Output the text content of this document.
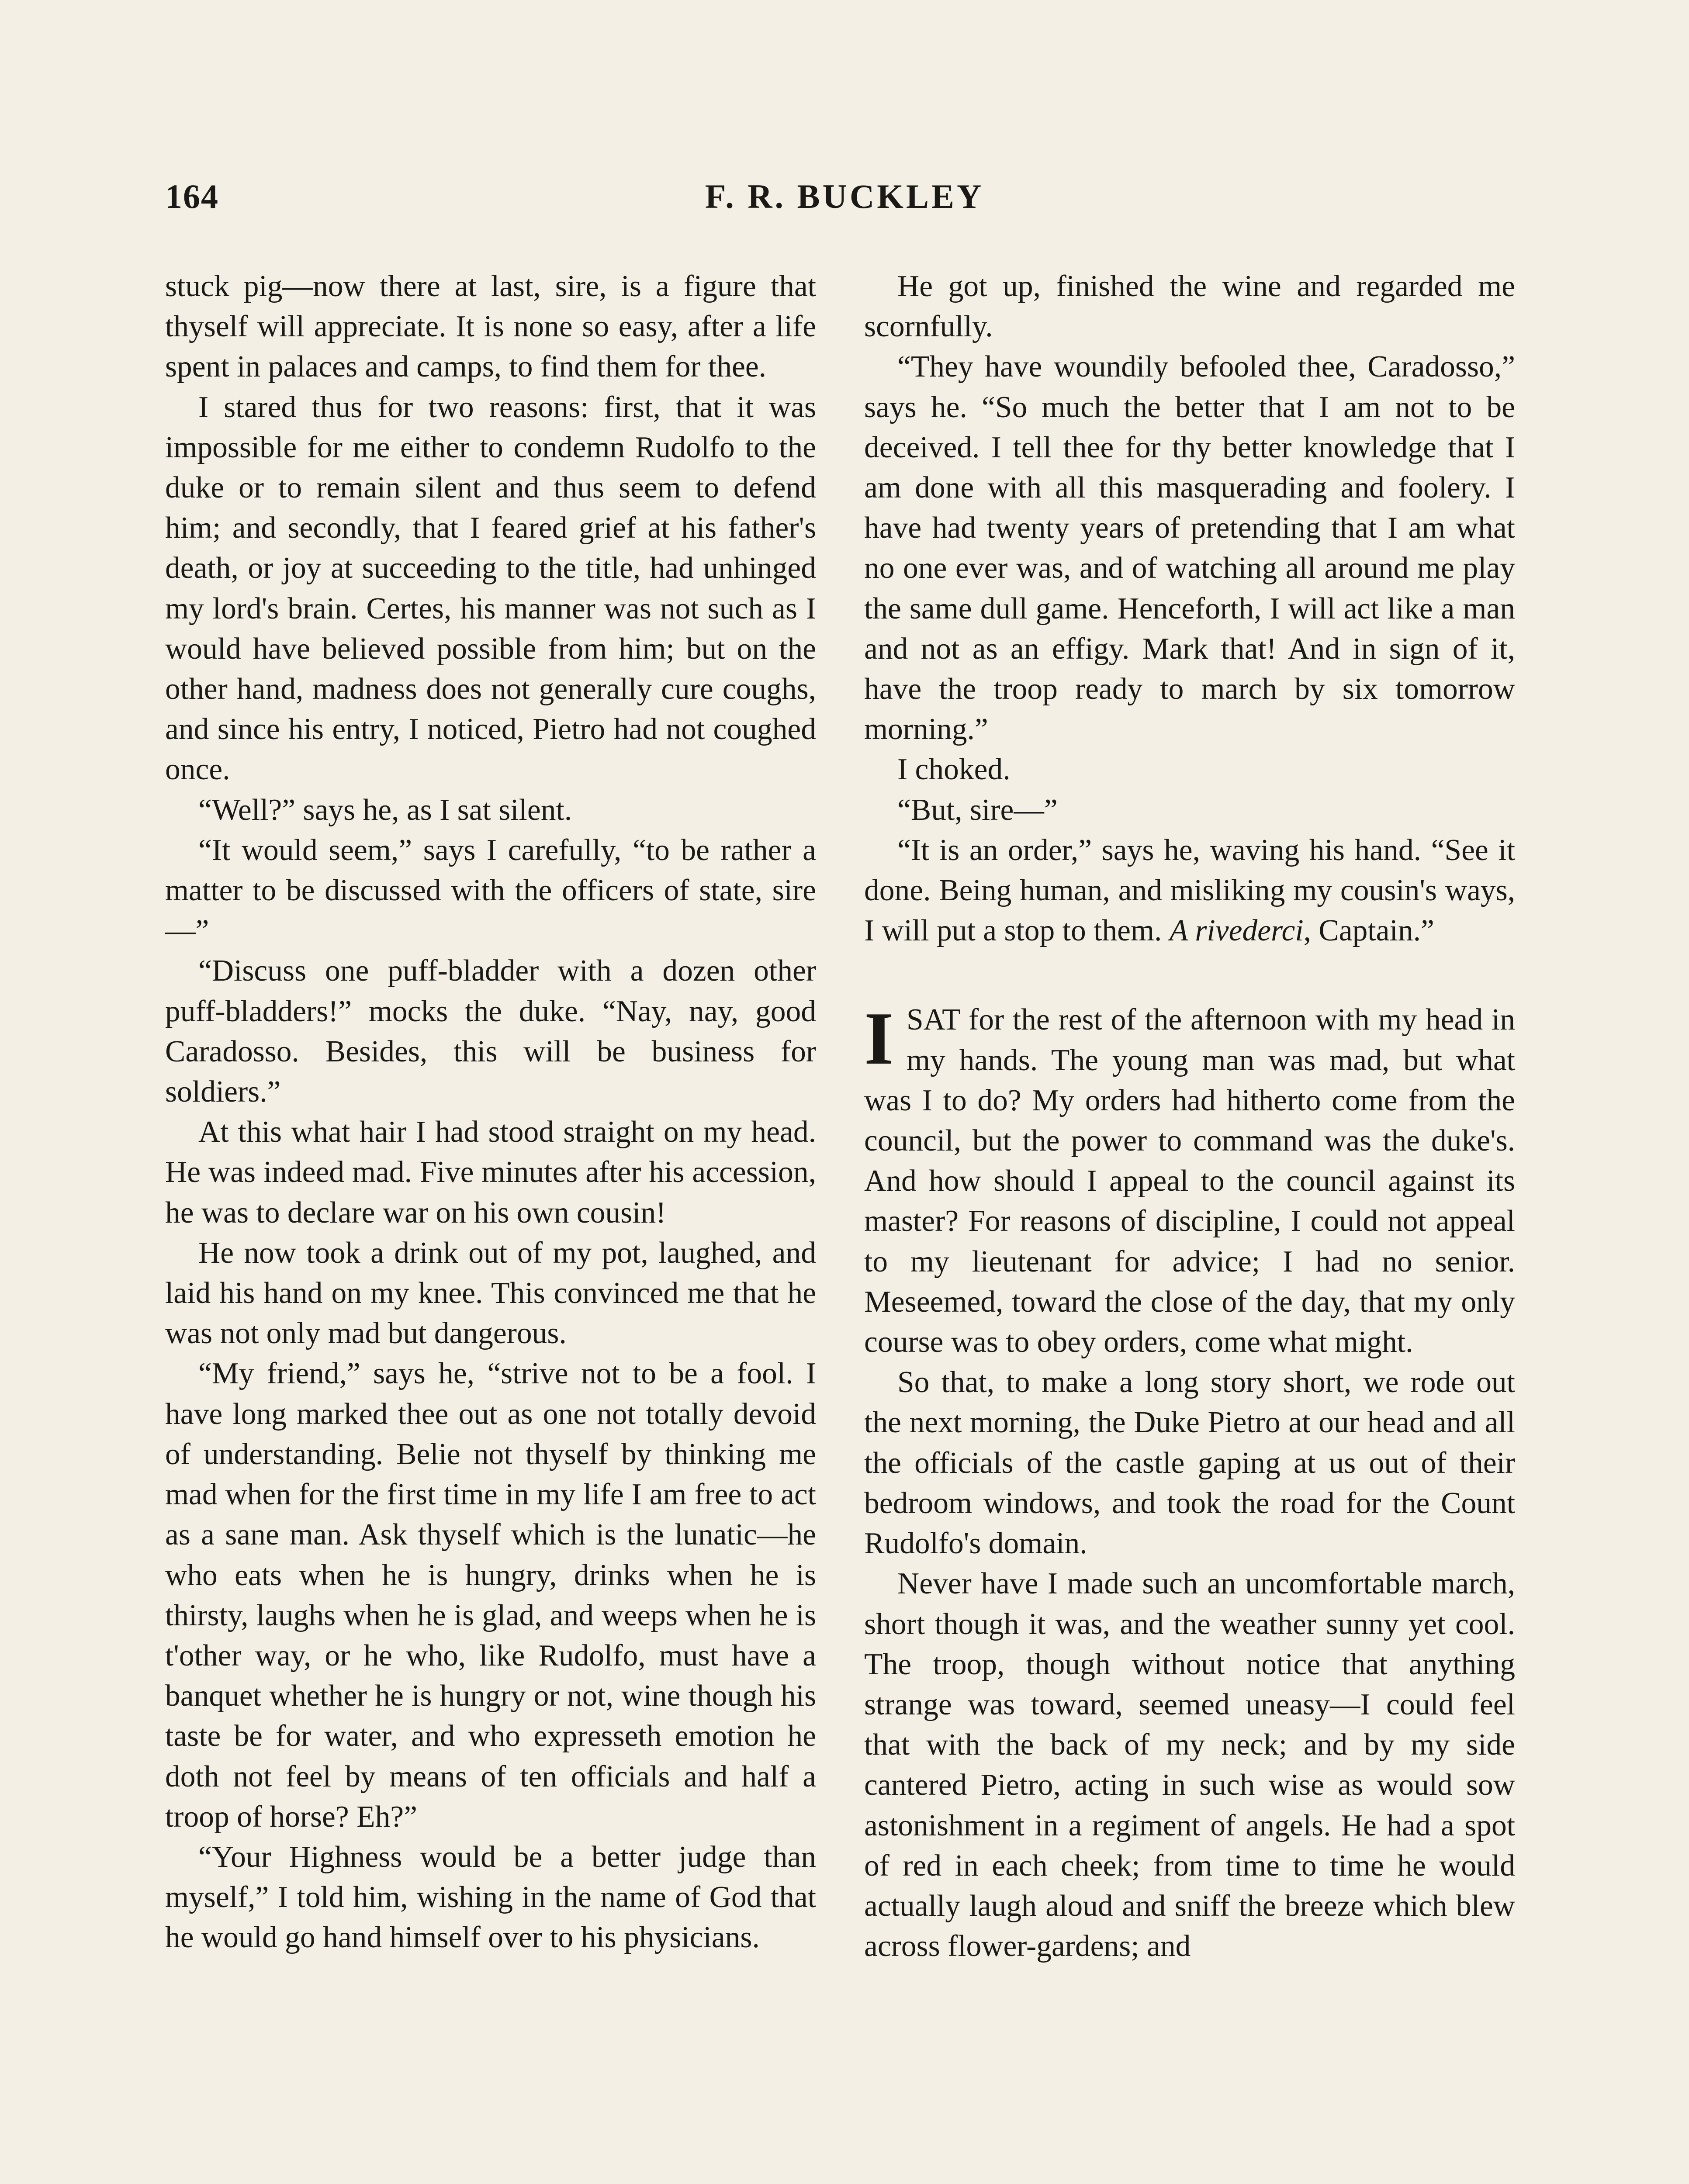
164	F. R. BUCKLEY

stuck pig—now there at last, sire, is a figure that thyself will appreciate. It is none so easy, after a life spent in palaces and camps, to find them for thee.

I stared thus for two reasons: first, that it was impossible for me either to condemn Rudolfo to the duke or to remain silent and thus seem to defend him; and secondly, that I feared grief at his father's death, or joy at succeeding to the title, had unhinged my lord's brain. Certes, his manner was not such as I would have believed possible from him; but on the other hand, madness does not generally cure coughs, and since his entry, I noticed, Pietro had not coughed once.

“Well?” says he, as I sat silent.

“It would seem,” says I carefully, “to be rather a matter to be discussed with the officers of state, sire—”

“Discuss one puff-bladder with a dozen other puff-bladders!” mocks the duke. “Nay, nay, good Caradosso. Besides, this will be business for soldiers.”

At this what hair I had stood straight on my head. He was indeed mad. Five minutes after his accession, he was to declare war on his own cousin!

He now took a drink out of my pot, laughed, and laid his hand on my knee. This convinced me that he was not only mad but dangerous.

“My friend,” says he, “strive not to be a fool. I have long marked thee out as one not totally devoid of understanding. Belie not thyself by thinking me mad when for the first time in my life I am free to act as a sane man. Ask thyself which is the lunatic—he who eats when he is hungry, drinks when he is thirsty, laughs when he is glad, and weeps when he is t'other way, or he who, like Rudolfo, must have a banquet whether he is hungry or not, wine though his taste be for water, and who expresseth emotion he doth not feel by means of ten officials and half a troop of horse? Eh?”

“Your Highness would be a better judge than myself,” I told him, wishing in the name of God that he would go hand himself over to his physicians.

He got up, finished the wine and regarded me scornfully.

“They have woundily befooled thee, Caradosso,” says he. “So much the better that I am not to be deceived. I tell thee for thy better knowledge that I am done with all this masquerading and foolery. I have had twenty years of pretending that I am what no one ever was, and of watching all around me play the same dull game. Henceforth, I will act like a man and not as an effigy. Mark that! And in sign of it, have the troop ready to march by six tomorrow morning.”

I choked.

“But, sire—”

“It is an order,” says he, waving his hand. “See it done. Being human, and misliking my cousin's ways, I will put a stop to them. A rivederci, Captain.”

ISAT for the rest of the afternoon with my head in my hands. The young man was mad, but what was I to do? My orders had hitherto come from the council, but the power to command was the duke's. And how should I appeal to the council against its master? For reasons of discipline, I could not appeal to my lieutenant for advice; I had no senior. Meseemed, toward the close of the day, that my only course was to obey orders, come what might.

So that, to make a long story short, we rode out the next morning, the Duke Pietro at our head and all the officials of the castle gaping at us out of their bedroom windows, and took the road for the Count Rudolfo's domain.

Never have I made such an uncomfortable march, short though it was, and the weather sunny yet cool. The troop, though without notice that anything strange was toward, seemed uneasy—I could feel that with the back of my neck; and by my side cantered Pietro, acting in such wise as would sow astonishment in a regiment of angels. He had a spot of red in each cheek; from time to time he would actually laugh aloud and sniff the breeze which blew across flower-gardens; and
